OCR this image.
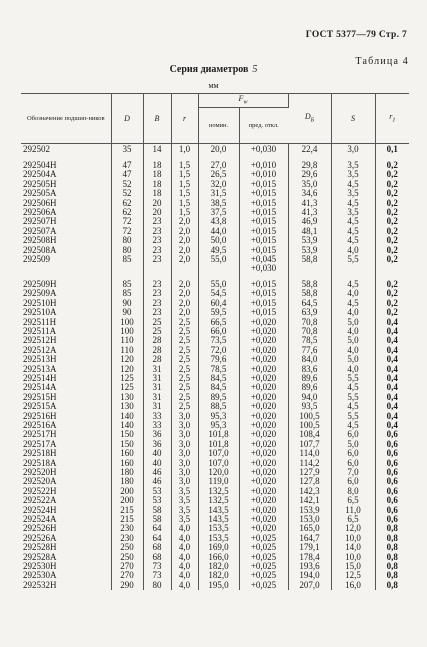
ГОСТ 5377—79 Стр. 7
Таблица 4
Серия диаметров 5
мм
Обозначение подшип-ников	D	B	r	$F_w$		$D_Б$	S	$r_1$
				номин.	пред. откл.			
292502	35	14	1,0	20,0	+0,030	22,4	3,0	0,1

292504Н	47	18	1,5	27,0	+0,010	29,8	3,5	0,2
292504А	47	18	1,5	26,5	+0,010	29,6	3,5	0,2
292505Н	52	18	1,5	32,0	+0,015	35,0	4,5	0,2
292505А	52	18	1,5	31,5	+0,015	34,6	3,5	0,2
292506Н	62	20	1,5	38,5	+0,015	41,3	4,5	0,2
292506А	62	20	1,5	37,5	+0,015	41,3	3,5	0,2
292507Н	72	23	2,0	43,8	+0,015	46,9	4,5	0,2
292507А	72	23	2,0	44,0	+0,015	48,1	4,5	0,2
292508Н	80	23	2,0	50,0	+0,015	53,9	4,5	0,2
292508А	80	23	2,0	49,5	+0,015	53,9	4,0	0,2
292509	85	23	2,0	55,0	+0,045	58,8	5,5	0,2
					+0,030			

292509Н	85	23	2,0	55,0	+0,015	58,8	4,5	0,2
292509А	85	23	2,0	54,5	+0,015	58,8	4,0	0,2
292510Н	90	23	2,0	60,4	+0,015	64,5	4,5	0,2
292510А	90	23	2,0	59,5	+0,015	63,9	4,0	0,2
292511Н	100	25	2,5	66,5	+0,020	70,8	5,0	0,4
292511А	100	25	2,5	66,0	+0,020	70,8	4,0	0,4
292512Н	110	28	2,5	73,5	+0,020	78,5	5,0	0,4
292512А	110	28	2,5	72,0	+0,020	77,6	4,0	0,4
292513Н	120	28	2,5	79,6	+0,020	84,0	5,0	0,4
292513А	120	31	2,5	78,5	+0,020	83,6	4,0	0,4
292514Н	125	31	2,5	84,5	+0,020	89,6	5,5	0,4
292514А	125	31	2,5	84,5	+0,020	89,6	4,5	0,4
292515Н	130	31	2,5	89,5	+0,020	94,0	5,5	0,4
292515А	130	31	2,5	88,5	+0,020	93,5	4,5	0,4
292516Н	140	33	3,0	95,3	+0,020	100,5	5,5	0,4
292516А	140	33	3,0	95,3	+0,020	100,5	4,5	0,4
292517Н	150	36	3,0	101,8	+0,020	108,4	6,0	0,6
292517А	150	36	3,0	101,8	+0,020	107,7	5,0	0,6
292518Н	160	40	3,0	107,0	+0,020	114,0	6,0	0,6
292518А	160	40	3,0	107,0	+0,020	114,2	6,0	0,6
292520Н	180	46	3,0	120,0	+0,020	127,9	7,0	0,6
292520А	180	46	3,0	119,0	+0,020	127,8	6,0	0,6
292522Н	200	53	3,5	132,5	+0,020	142,3	8,0	0,6
292522А	200	53	3,5	132,5	+0,020	142,1	6,5	0,6
292524Н	215	58	3,5	143,5	+0,020	153,9	11,0	0,6
292524А	215	58	3,5	143,5	+0,020	153,0	6,5	0,6
292526Н	230	64	4,0	153,5	+0,020	165,0	12,0	0,8
292526А	230	64	4,0	153,5	+0,025	164,7	10,0	0,8
292528Н	250	68	4,0	169,0	+0,025	179,1	14,0	0,8
292528А	250	68	4,0	166,0	+0,025	178,4	10,0	0,8
292530Н	270	73	4,0	182,0	+0,025	193,6	15,0	0,8
292530А	270	73	4,0	182,0	+0,025	194,0	12,5	0,8
292532Н	290	80	4,0	195,0	+0,025	207,0	16,0	0,8
